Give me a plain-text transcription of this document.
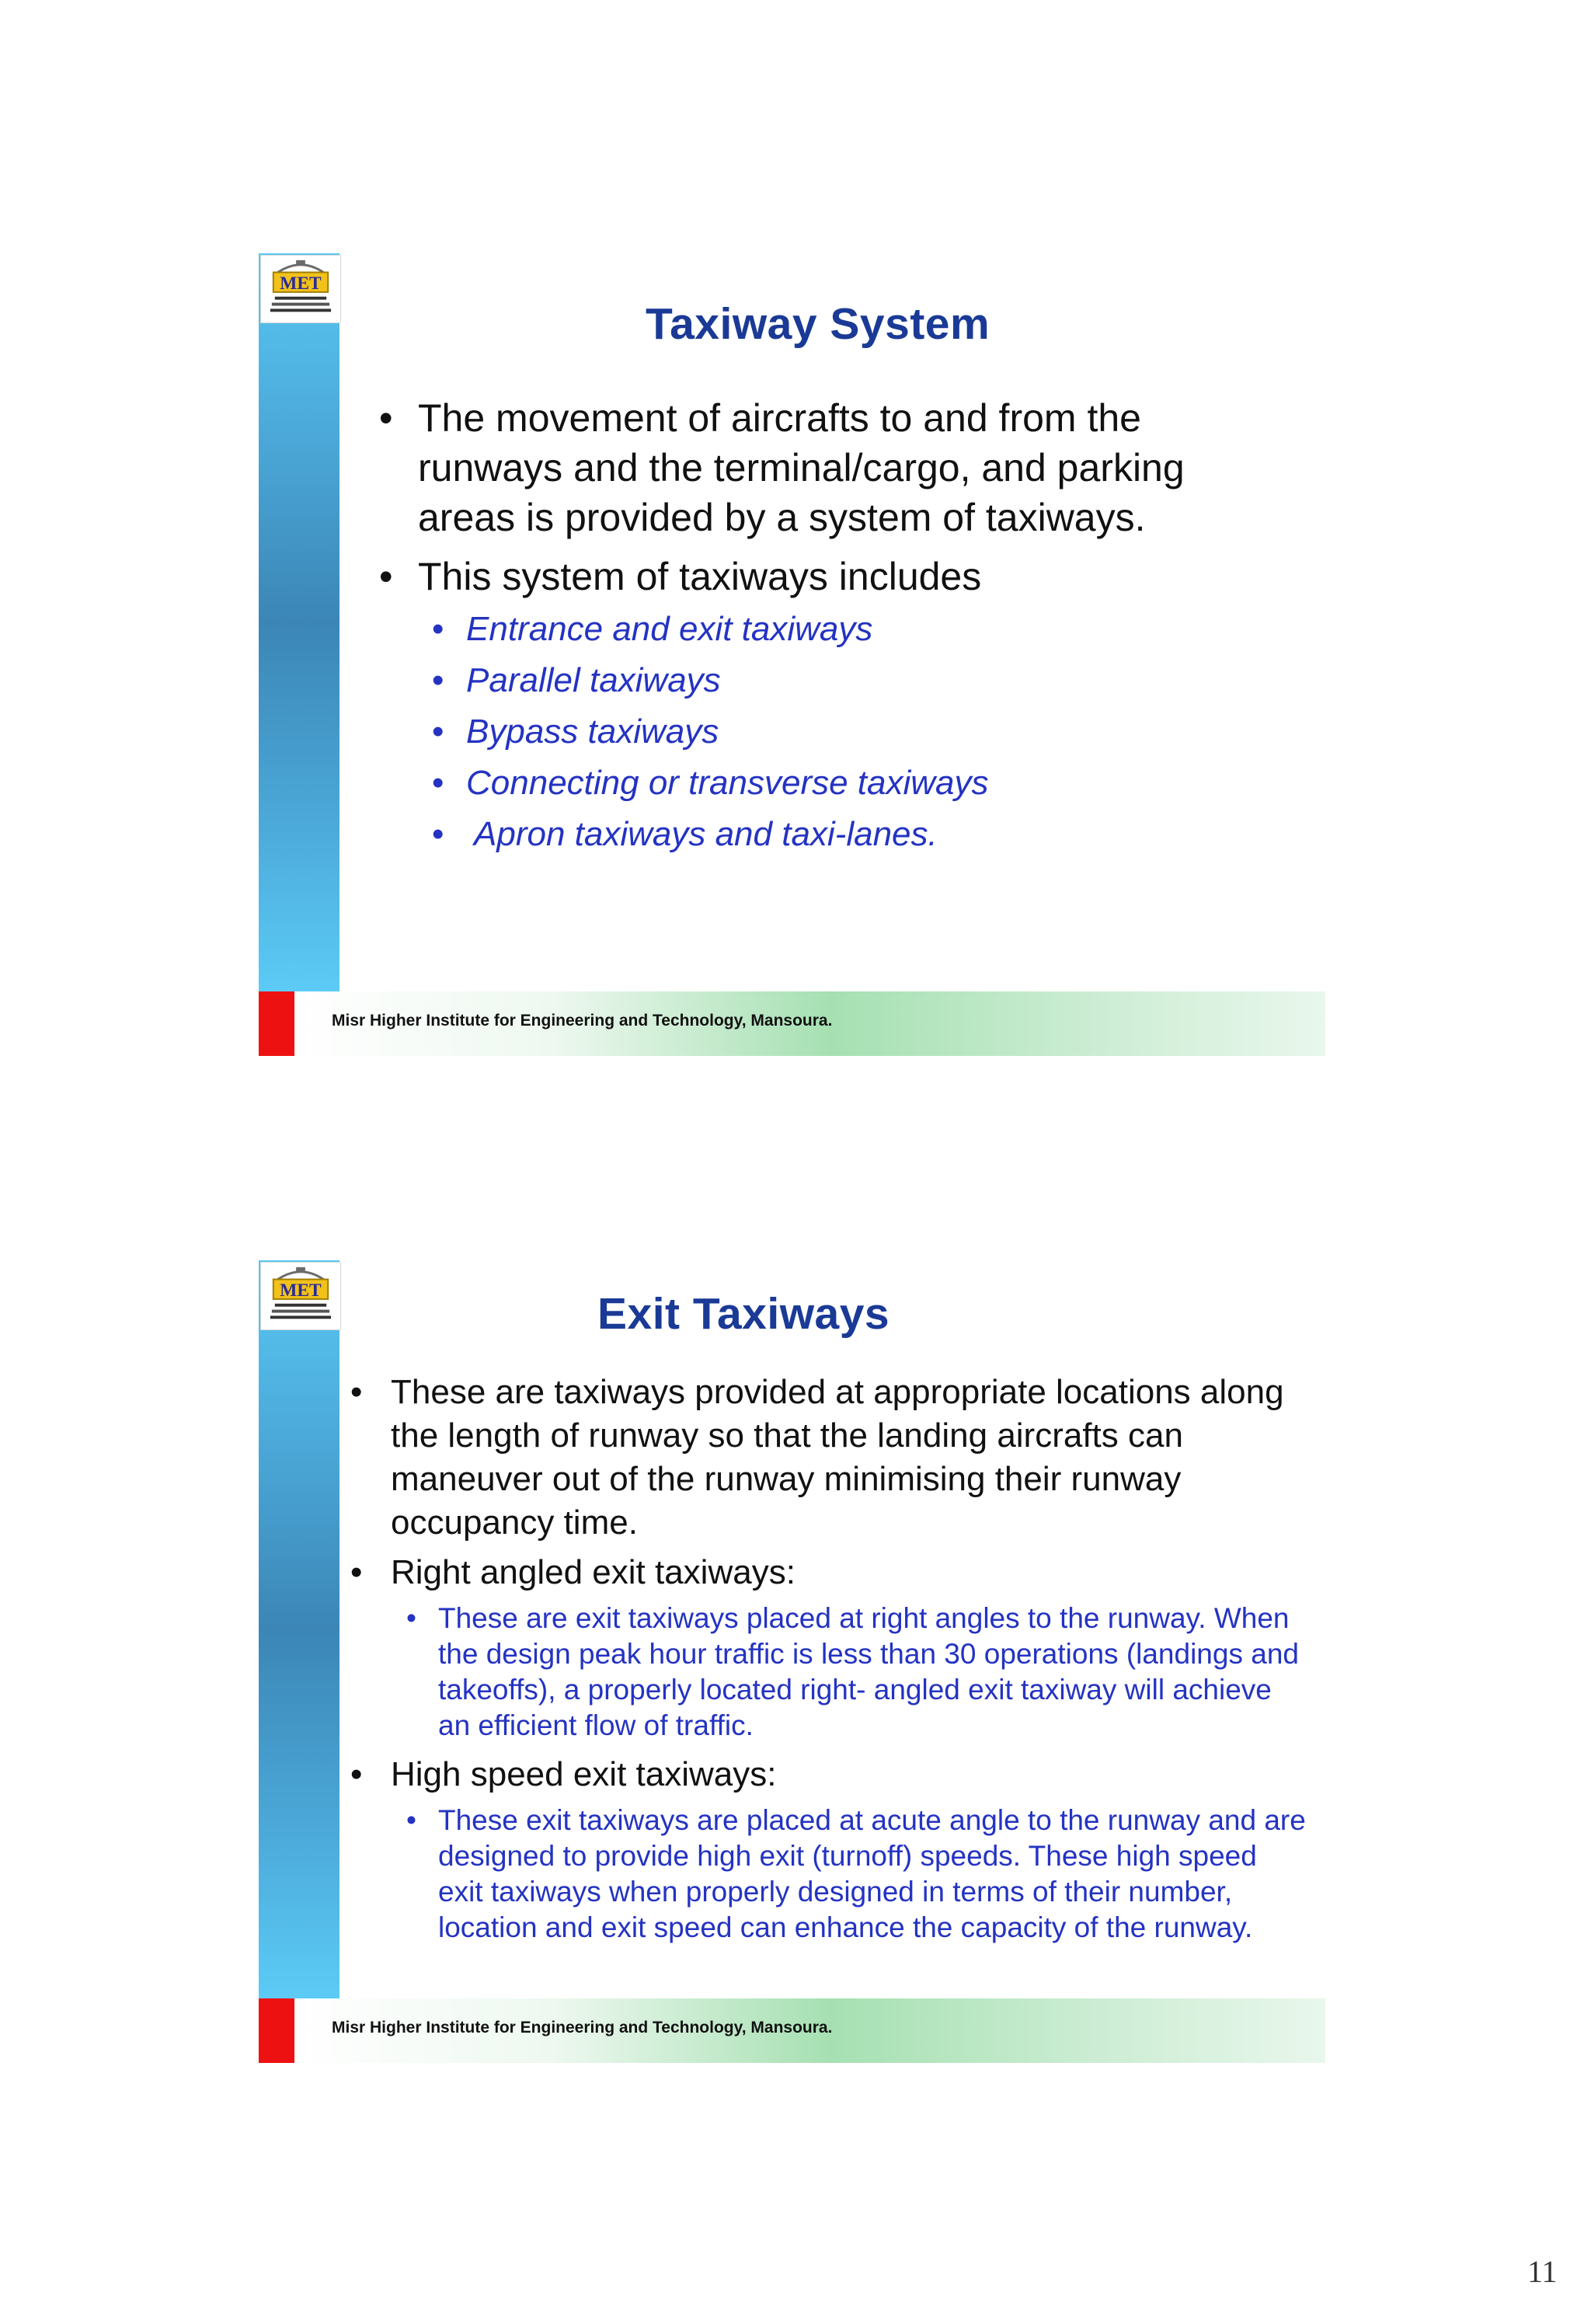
MET
Taxiway System
• The movement of aircrafts to and from the runways and the terminal/cargo, and parking areas is provided by a system of taxiways.
• This system of taxiways includes
• Entrance and exit taxiways
• Parallel taxiways
• Bypass taxiways
• Connecting or transverse taxiways
• Apron taxiways and taxi-lanes.
Misr Higher Institute for Engineering and Technology, Mansoura.
MET	Exit Taxiways
• These are taxiways provided at appropriate locations along the length of runway so that the landing aircrafts can maneuver out of the runway minimising their runway occupancy time.
• Right angled exit taxiways:
• These are exit taxiways placed at right angles to the runway. When the design peak hour traffic is less than 30 operations (landings and takeoffs), a properly located right- angled exit taxiway will achieve an efficient flow of traffic.
• High speed exit taxiways:
• These exit taxiways are placed at acute angle to the runway and are designed to provide high exit (turnoff) speeds. These high speed exit taxiways when properly designed in terms of their number, location and exit speed can enhance the capacity of the runway.
Misr Higher Institute for Engineering and Technology, Mansoura.
11
